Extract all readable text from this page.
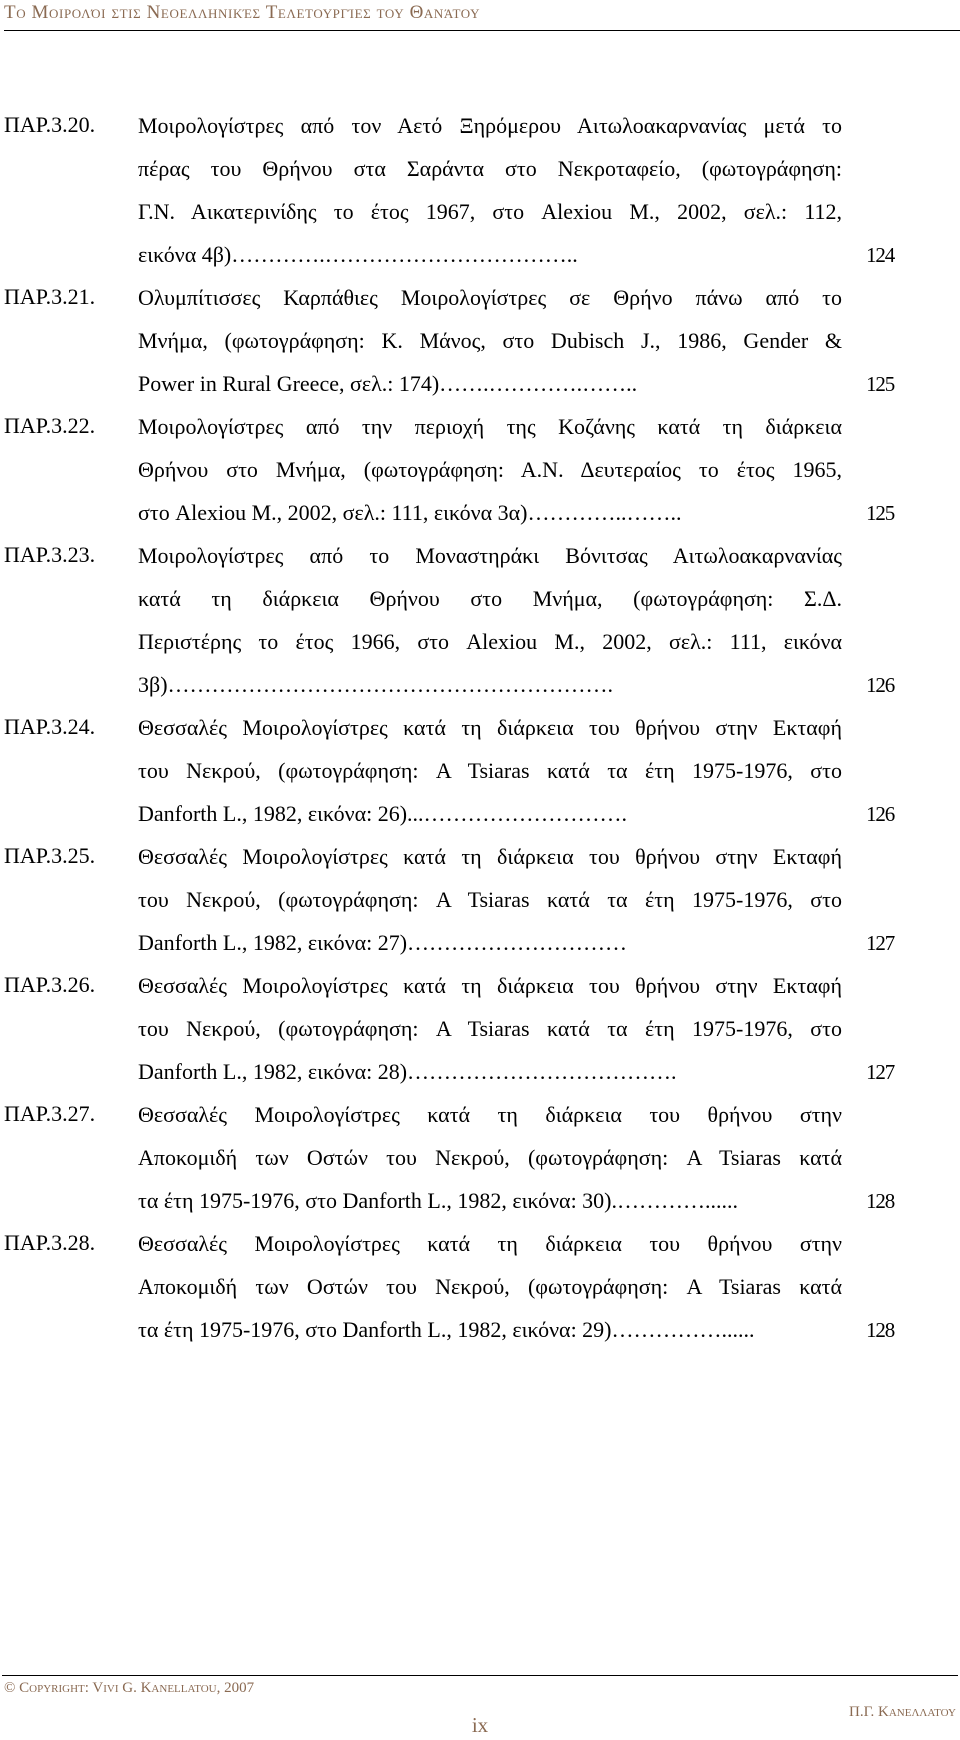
Το Μοιρολόι στις Νεοελληνικές Τελετουργίες του Θανάτου
ΠΑΡ.3.20.	Μοιρολογίστρες από τον Αετό Ξηρόμερου Αιτωλοακαρνανίας μετά το
πέρας του Θρήνου στα Σαράντα στο Νεκροταφείο, (φωτογράφηση:
Γ.Ν. Αικατερινίδης το έτος 1967, στο Alexiou M., 2002, σελ.: 112,
εικόνα 4β)………….……………………………..	124
ΠΑΡ.3.21.	Ολυμπίτισσες Καρπάθιες Μοιρολογίστρες σε Θρήνο πάνω από το
Μνήμα, (φωτογράφηση: K. Μάνος, στο Dubisch J., 1986, Gender &
Power in Rural Greece, σελ.: 174)…….………….……..	125
ΠΑΡ.3.22.	Μοιρολογίστρες από την περιοχή της Κοζάνης κατά τη διάρκεια
Θρήνου στο Μνήμα, (φωτογράφηση: Α.Ν. Δευτεραίος το έτος 1965,
στο Alexiou M., 2002, σελ.: 111, εικόνα 3α)…………..……..	125
ΠΑΡ.3.23.	Μοιρολογίστρες από το Μοναστηράκι Βόνιτσας Αιτωλοακαρνανίας
κατά τη διάρκεια Θρήνου στο Μνήμα, (φωτογράφηση: Σ.Δ.
Περιστέρης το έτος 1966, στο Alexiou M., 2002, σελ.: 111, εικόνα
3β)…………………………………………………….	126
ΠΑΡ.3.24.	Θεσσαλές Μοιρολογίστρες κατά τη διάρκεια του θρήνου στην Εκταφή
του Νεκρού, (φωτογράφηση: A Tsiaras κατά τα έτη 1975-1976, στο
Danforth L., 1982, εικόνα: 26)...……………………….	126
ΠΑΡ.3.25.	Θεσσαλές Μοιρολογίστρες κατά τη διάρκεια του θρήνου στην Εκταφή
του Νεκρού, (φωτογράφηση: A Tsiaras κατά τα έτη 1975-1976, στο
Danforth L., 1982, εικόνα: 27)…………………………	127
ΠΑΡ.3.26.	Θεσσαλές Μοιρολογίστρες κατά τη διάρκεια του θρήνου στην Εκταφή
του Νεκρού, (φωτογράφηση: A Tsiaras κατά τα έτη 1975-1976, στο
Danforth L., 1982, εικόνα: 28)……………………………….	127
ΠΑΡ.3.27.	Θεσσαλές Μοιρολογίστρες κατά τη διάρκεια του θρήνου στην
Αποκομιδή των Οστών του Νεκρού, (φωτογράφηση: A Tsiaras κατά
τα έτη 1975-1976, στο Danforth L., 1982, εικόνα: 30).…………......	128
ΠΑΡ.3.28.	Θεσσαλές Μοιρολογίστρες κατά τη διάρκεια του θρήνου στην
Αποκομιδή των Οστών του Νεκρού, (φωτογράφηση: A Tsiaras κατά
τα έτη 1975-1976, στο Danforth L., 1982, εικόνα: 29)……………......	128
© Copyright: Vivi G. Kanellatou, 2007
Π.Γ. Κανελλατου
ix
